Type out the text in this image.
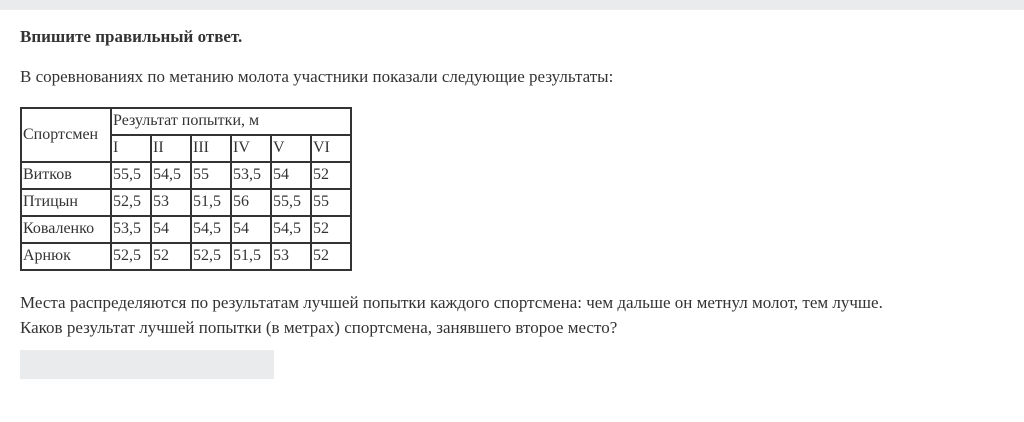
Впишите правильный ответ.

В соревнованиях по метанию молота участники показали следующие результаты:

Спортсмен	Результат попытки, м					
	I	II	III	IV	V	VI
Витков	55,5	54,5	55	53,5	54	52
Птицын	52,5	53	51,5	56	55,5	55
Коваленко	53,5	54	54,5	54	54,5	52
Арнюк	52,5	52	52,5	51,5	53	52

Места распределяются по результатам лучшей попытки каждого спортсмена: чем дальше он метнул молот, тем лучше.
Каков результат лучшей попытки (в метрах) спортсмена, занявшего второе место?
